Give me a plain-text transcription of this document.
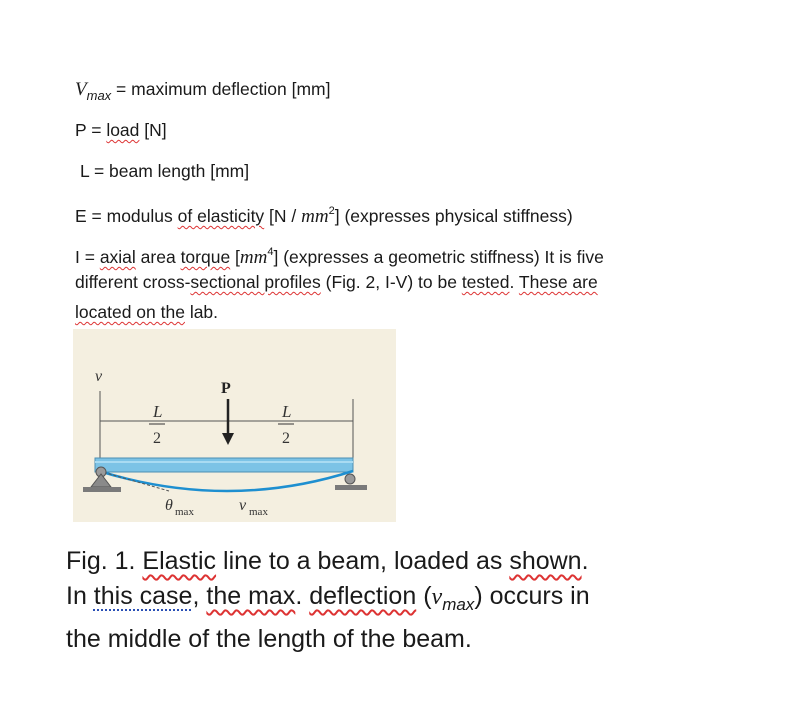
$V_{max}$ = maximum deflection [mm]
P = load [N]
L = beam length [mm]
E = modulus of elasticity $[N / mm^2]$ (expresses physical stiffness)
I = axial area torque $[mm^4]$ (expresses a geometric stiffness) It is five
different cross-sectional profiles (Fig. 2, I-V) to be tested. These are
located on the lab.
v
L
2
L
2
P
θ max	v max
Fig. 1. Elastic line to a beam, loaded as shown.
In this case, the max. deflection $(v_{max})$ occurs in
the middle of the length of the beam.
